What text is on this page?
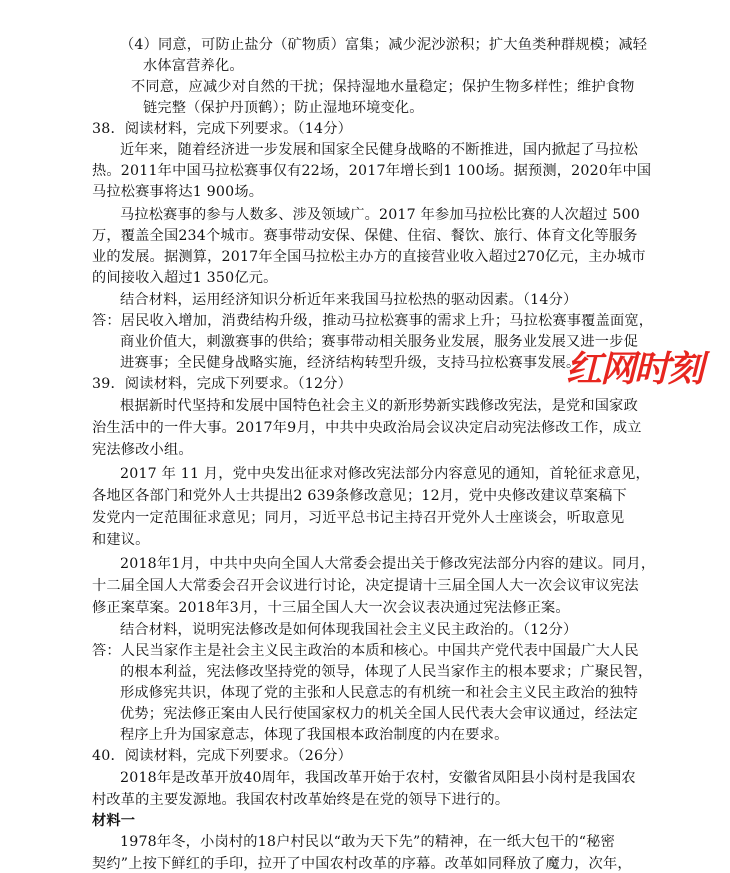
（4）同意，可防止盐分（矿物质）富集；减少泥沙淤积；扩大鱼类种群规模；减轻
水体富营养化。
不同意，应减少对自然的干扰；保持湿地水量稳定；保护生物多样性；维护食物
链完整（保护丹顶鹤）；防止湿地环境变化。
38．阅读材料，完成下列要求。（14分）
近年来，随着经济进一步发展和国家全民健身战略的不断推进，国内掀起了马拉松
热。2011年中国马拉松赛事仅有22场，2017年增长到1 100场。据预测，2020年中国
马拉松赛事将达1 900场。
马拉松赛事的参与人数多、涉及领域广。2017 年参加马拉松比赛的人次超过 500
万，覆盖全国234个城市。赛事带动安保、保健、住宿、餐饮、旅行、体育文化等服务
业的发展。据测算，2017年全国马拉松主办方的直接营业收入超过270亿元，主办城市
的间接收入超过1 350亿元。
结合材料，运用经济知识分析近年来我国马拉松热的驱动因素。（14分）
答：居民收入增加，消费结构升级，推动马拉松赛事的需求上升；马拉松赛事覆盖面宽，
商业价值大，刺激赛事的供给；赛事带动相关服务业发展，服务业发展又进一步促
进赛事；全民健身战略实施，经济结构转型升级，支持马拉松赛事发展。
39．阅读材料，完成下列要求。（12分）
根据新时代坚持和发展中国特色社会主义的新形势新实践修改宪法，是党和国家政
治生活中的一件大事。2017年9月，中共中央政治局会议决定启动宪法修改工作，成立
宪法修改小组。
2017 年 11 月，党中央发出征求对修改宪法部分内容意见的通知，首轮征求意见，
各地区各部门和党外人士共提出2 639条修改意见；12月，党中央修改建议草案稿下
发党内一定范围征求意见；同月，习近平总书记主持召开党外人士座谈会，听取意见
和建议。
2018年1月，中共中央向全国人大常委会提出关于修改宪法部分内容的建议。同月，
十二届全国人大常委会召开会议进行讨论，决定提请十三届全国人大一次会议审议宪法
修正案草案。2018年3月，十三届全国人大一次会议表决通过宪法修正案。
结合材料，说明宪法修改是如何体现我国社会主义民主政治的。（12分）
答：人民当家作主是社会主义民主政治的本质和核心。中国共产党代表中国最广大人民
的根本利益，宪法修改坚持党的领导，体现了人民当家作主的根本要求；广聚民智，
形成修宪共识，体现了党的主张和人民意志的有机统一和社会主义民主政治的独特
优势；宪法修正案由人民行使国家权力的机关全国人民代表大会审议通过，经法定
程序上升为国家意志，体现了我国根本政治制度的内在要求。
40．阅读材料，完成下列要求。（26分）
2018年是改革开放40周年，我国改革开始于农村，安徽省凤阳县小岗村是我国农
村改革的主要发源地。我国农村改革始终是在党的领导下进行的。
材料一
1978年冬，小岗村的18户村民以“敢为天下先”的精神，在一纸大包干的“秘密
契约”上按下鲜红的手印，拉开了中国农村改革的序幕。改革如同释放了魔力，次年，
红网时刻
